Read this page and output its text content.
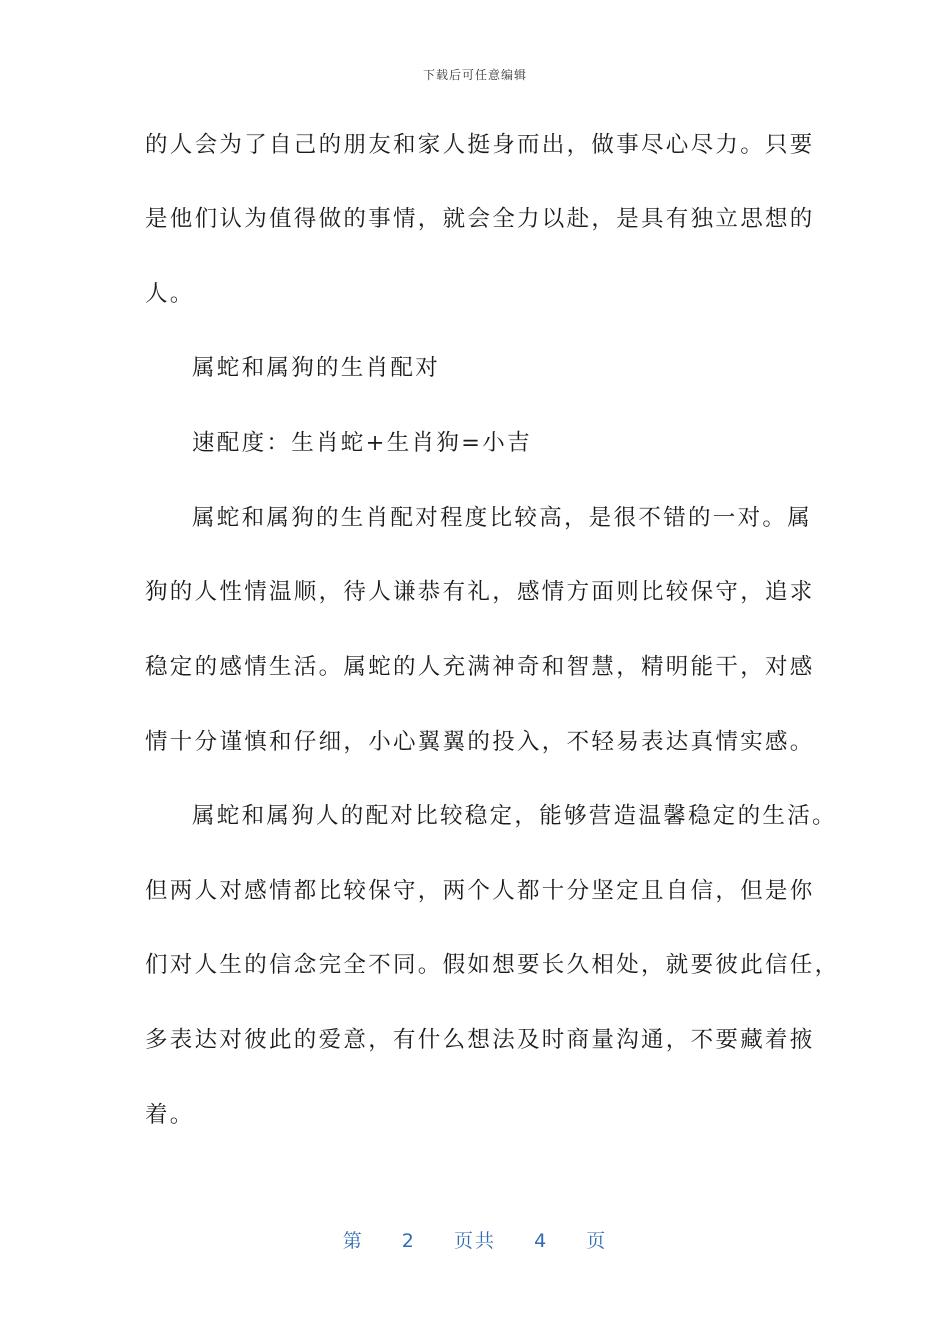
下载后可任意编辑
的人会为了自己的朋友和家人挺身而出，做事尽心尽力。只要
是他们认为值得做的事情，就会全力以赴，是具有独立思想的
人。
属蛇和属狗的生肖配对
速配度：生肖蛇+生肖狗=小吉
属蛇和属狗的生肖配对程度比较高，是很不错的一对。属
狗的人性情温顺，待人谦恭有礼，感情方面则比较保守，追求
稳定的感情生活。属蛇的人充满神奇和智慧，精明能干，对感
情十分谨慎和仔细，小心翼翼的投入，不轻易表达真情实感。
属蛇和属狗人的配对比较稳定，能够营造温馨稳定的生活。
但两人对感情都比较保守，两个人都十分坚定且自信，但是你
们对人生的信念完全不同。假如想要长久相处，就要彼此信任，
多表达对彼此的爱意，有什么想法及时商量沟通，不要藏着掖
着。
第 2 页共 4 页
